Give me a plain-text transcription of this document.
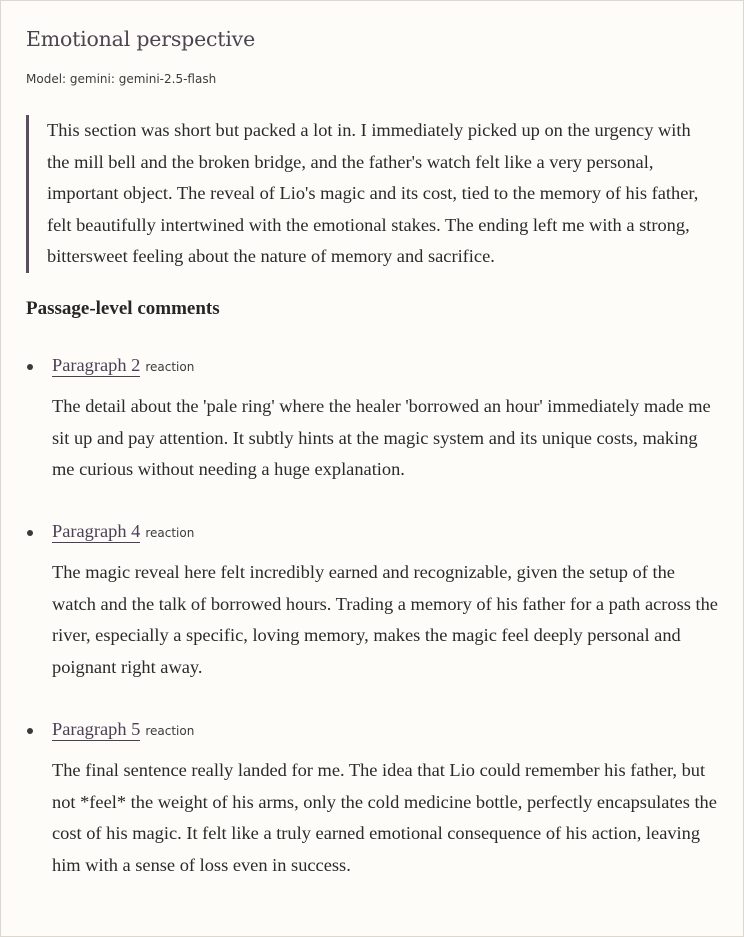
Emotional perspective
Model: gemini: gemini-2.5-flash
This section was short but packed a lot in. I immediately picked up on the urgency with the mill bell and the broken bridge, and the father's watch felt like a very personal, important object. The reveal of Lio's magic and its cost, tied to the memory of his father, felt beautifully intertwined with the emotional stakes. The ending left me with a strong, bittersweet feeling about the nature of memory and sacrifice.
Passage-level comments
Paragraph 2 reaction

The detail about the 'pale ring' where the healer 'borrowed an hour' immediately made me sit up and pay attention. It subtly hints at the magic system and its unique costs, making me curious without needing a huge explanation.

Paragraph 4 reaction

The magic reveal here felt incredibly earned and recognizable, given the setup of the watch and the talk of borrowed hours. Trading a memory of his father for a path across the river, especially a specific, loving memory, makes the magic feel deeply personal and poignant right away.

Paragraph 5 reaction

The final sentence really landed for me. The idea that Lio could remember his father, but not *feel* the weight of his arms, only the cold medicine bottle, perfectly encapsulates the cost of his magic. It felt like a truly earned emotional consequence of his action, leaving him with a sense of loss even in success.
